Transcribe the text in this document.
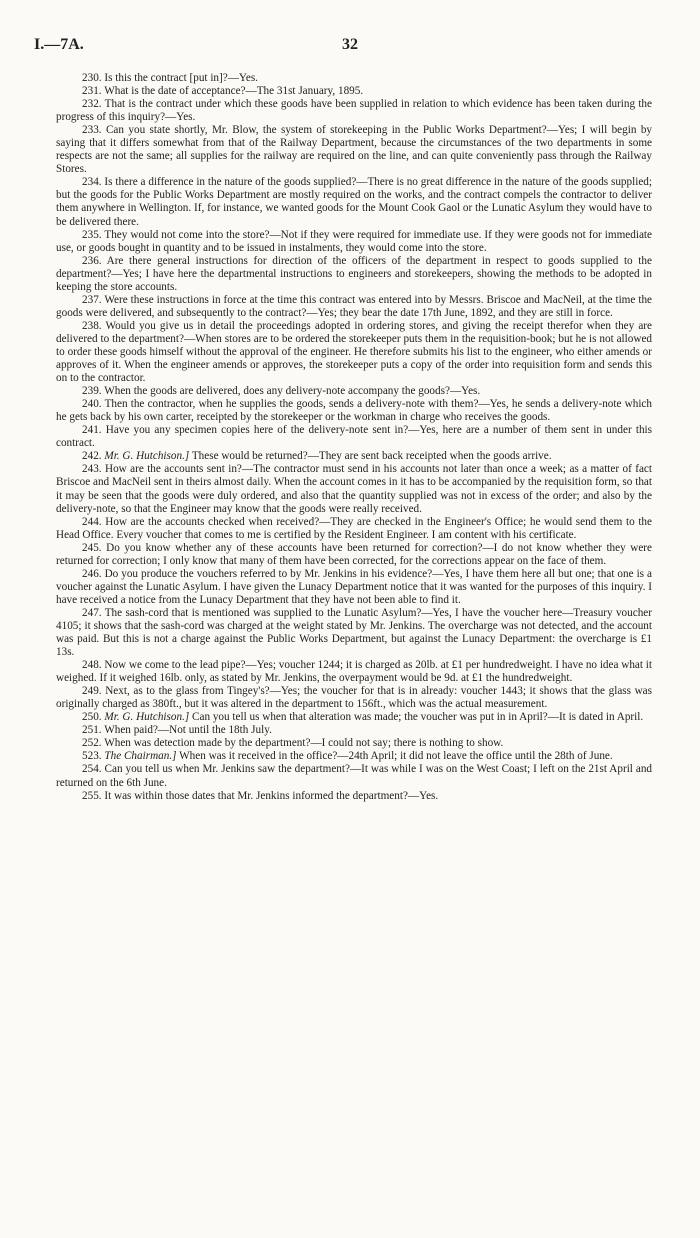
I.—7A.	32

230. Is this the contract [put in]?—Yes.

231. What is the date of acceptance?—The 31st January, 1895.

232. That is the contract under which these goods have been supplied in relation to which evidence has been taken during the progress of this inquiry?—Yes.

233. Can you state shortly, Mr. Blow, the system of storekeeping in the Public Works Department?—Yes; I will begin by saying that it differs somewhat from that of the Railway Department, because the circumstances of the two departments in some respects are not the same; all supplies for the railway are required on the line, and can quite conveniently pass through the Railway Stores.

234. Is there a difference in the nature of the goods supplied?—There is no great difference in the nature of the goods supplied; but the goods for the Public Works Department are mostly required on the works, and the contract compels the contractor to deliver them anywhere in Wellington. If, for instance, we wanted goods for the Mount Cook Gaol or the Lunatic Asylum they would have to be delivered there.

235. They would not come into the store?—Not if they were required for immediate use. If they were goods not for immediate use, or goods bought in quantity and to be issued in instalments, they would come into the store.

236. Are there general instructions for direction of the officers of the department in respect to goods supplied to the department?—Yes; I have here the departmental instructions to engineers and storekeepers, showing the methods to be adopted in keeping the store accounts.

237. Were these instructions in force at the time this contract was entered into by Messrs. Briscoe and MacNeil, at the time the goods were delivered, and subsequently to the contract?—Yes; they bear the date 17th June, 1892, and they are still in force.

238. Would you give us in detail the proceedings adopted in ordering stores, and giving the receipt therefor when they are delivered to the department?—When stores are to be ordered the storekeeper puts them in the requisition-book; but he is not allowed to order these goods himself without the approval of the engineer. He therefore submits his list to the engineer, who either amends or approves of it. When the engineer amends or approves, the storekeeper puts a copy of the order into requisition form and sends this on to the contractor.

239. When the goods are delivered, does any delivery-note accompany the goods?—Yes.

240. Then the contractor, when he supplies the goods, sends a delivery-note with them?—Yes, he sends a delivery-note which he gets back by his own carter, receipted by the storekeeper or the workman in charge who receives the goods.

241. Have you any specimen copies here of the delivery-note sent in?—Yes, here are a number of them sent in under this contract.

242. Mr. G. Hutchison.] These would be returned?—They are sent back receipted when the goods arrive.

243. How are the accounts sent in?—The contractor must send in his accounts not later than once a week; as a matter of fact Briscoe and MacNeil sent in theirs almost daily. When the account comes in it has to be accompanied by the requisition form, so that it may be seen that the goods were duly ordered, and also that the quantity supplied was not in excess of the order; and also by the delivery-note, so that the Engineer may know that the goods were really received.

244. How are the accounts checked when received?—They are checked in the Engineer's Office; he would send them to the Head Office. Every voucher that comes to me is certified by the Resident Engineer. I am content with his certificate.

245. Do you know whether any of these accounts have been returned for correction?—I do not know whether they were returned for correction; I only know that many of them have been corrected, for the corrections appear on the face of them.

246. Do you produce the vouchers referred to by Mr. Jenkins in his evidence?—Yes, I have them here all but one; that one is a voucher against the Lunatic Asylum. I have given the Lunacy Department notice that it was wanted for the purposes of this inquiry. I have received a notice from the Lunacy Department that they have not been able to find it.

247. The sash-cord that is mentioned was supplied to the Lunatic Asylum?—Yes, I have the voucher here—Treasury voucher 4105; it shows that the sash-cord was charged at the weight stated by Mr. Jenkins. The overcharge was not detected, and the account was paid. But this is not a charge against the Public Works Department, but against the Lunacy Department: the overcharge is £1 13s.

248. Now we come to the lead pipe?—Yes; voucher 1244; it is charged as 20lb. at £1 per hundredweight. I have no idea what it weighed. If it weighed 16lb. only, as stated by Mr. Jenkins, the overpayment would be 9d. at £1 the hundredweight.

249. Next, as to the glass from Tingey's?—Yes; the voucher for that is in already: voucher 1443; it shows that the glass was originally charged as 380ft., but it was altered in the department to 156ft., which was the actual measurement.

250. Mr. G. Hutchison.] Can you tell us when that alteration was made; the voucher was put in in April?—It is dated in April.

251. When paid?—Not until the 18th July.

252. When was detection made by the department?—I could not say; there is nothing to show.

523. The Chairman.] When was it received in the office?—24th April; it did not leave the office until the 28th of June.

254. Can you tell us when Mr. Jenkins saw the department?—It was while I was on the West Coast; I left on the 21st April and returned on the 6th June.

255. It was within those dates that Mr. Jenkins informed the department?—Yes.
